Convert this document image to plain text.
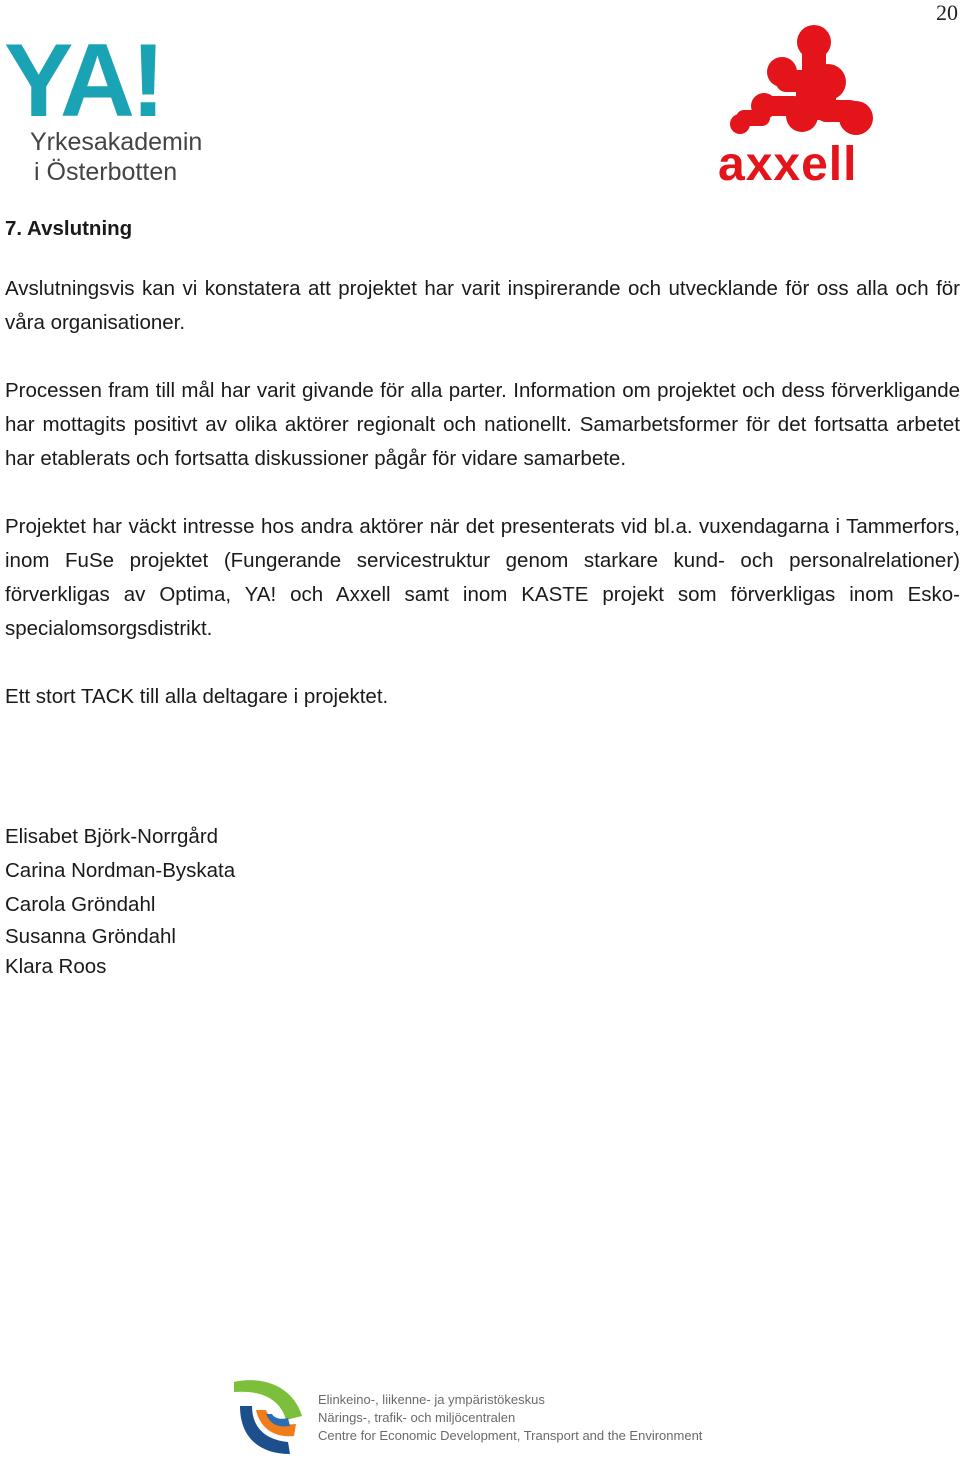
20
YA!
Yrkesakademin
i Österbotten	axxell
7. Avslutning

Avslutningsvis kan vi konstatera att projektet har varit inspirerande och utvecklande för oss alla och för våra organisationer.

Processen fram till mål har varit givande för alla parter. Information om projektet och dess förverkligande har mottagits positivt av olika aktörer regionalt och nationellt. Samarbetsformer för det fortsatta arbetet har etablerats och fortsatta diskussioner pågår för vidare samarbete.

Projektet har väckt intresse hos andra aktörer när det presenterats vid bl.a. vuxendagarna i Tammerfors, inom FuSe projektet (Fungerande servicestruktur genom starkare kund- och personalrelationer) förverkligas av Optima, YA! och Axxell samt inom KASTE projekt som förverkligas inom Esko-specialomsorgsdistrikt.

Ett stort TACK till alla deltagare i projektet.

Elisabet Björk-Norrgård
Carina Nordman-Byskata
Carola Gröndahl
Susanna Gröndahl
Klara Roos
Elinkeino-, liikenne- ja ympäristökeskus
Närings-, trafik- och miljöcentralen
Centre for Economic Development, Transport and the Environment
